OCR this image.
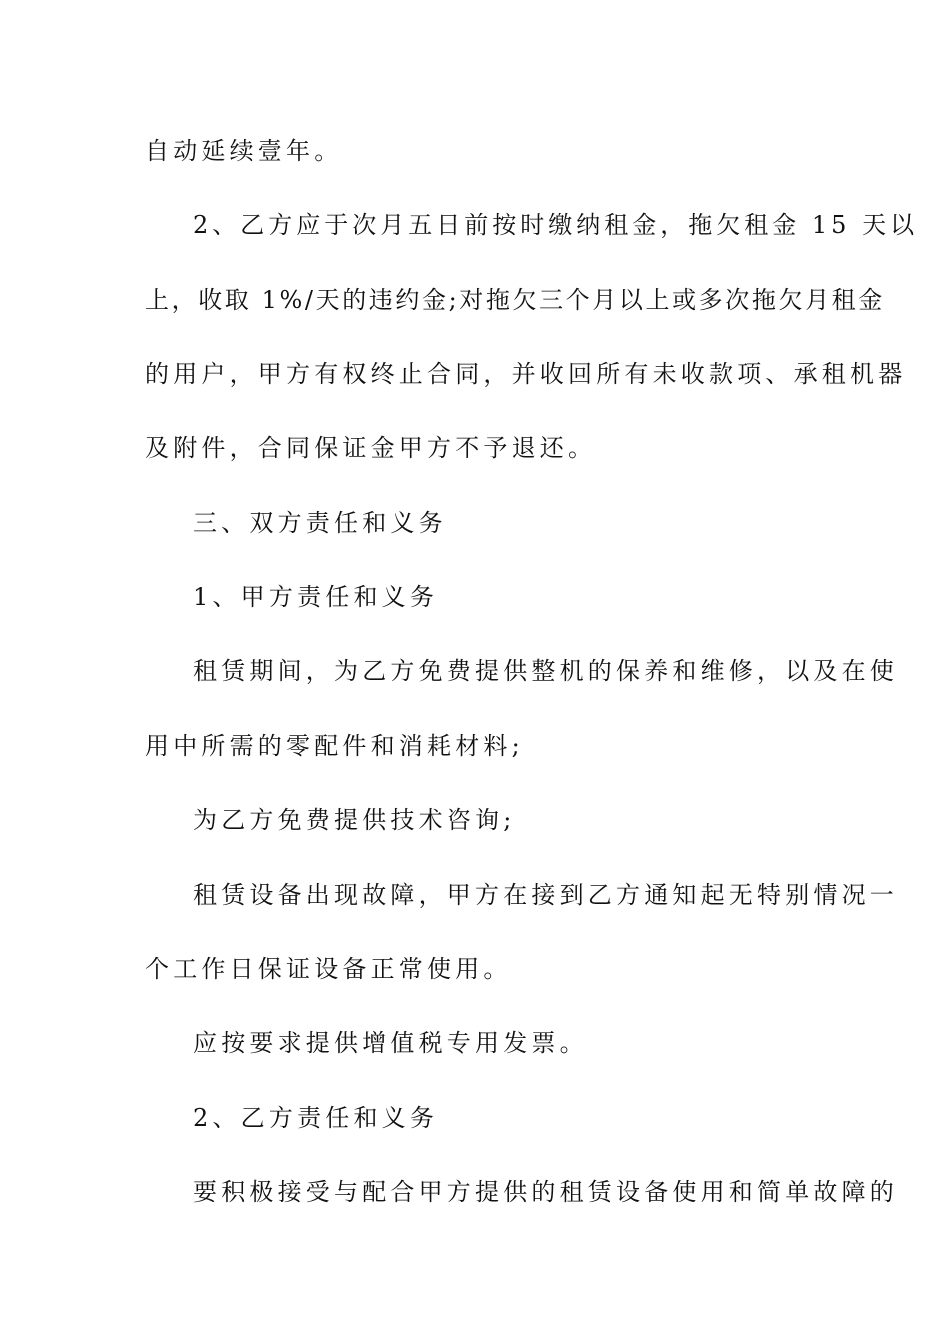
自动延续壹年。
2、乙方应于次月五日前按时缴纳租金，拖欠租金 15 天以
上，收取 1%/天的违约金;对拖欠三个月以上或多次拖欠月租金
的用户，甲方有权终止合同，并收回所有未收款项、承租机器
及附件，合同保证金甲方不予退还。
三、双方责任和义务
1、甲方责任和义务
租赁期间，为乙方免费提供整机的保养和维修，以及在使
用中所需的零配件和消耗材料;
为乙方免费提供技术咨询;
租赁设备出现故障，甲方在接到乙方通知起无特别情况一
个工作日保证设备正常使用。
应按要求提供增值税专用发票。
2、乙方责任和义务
要积极接受与配合甲方提供的租赁设备使用和简单故障的
